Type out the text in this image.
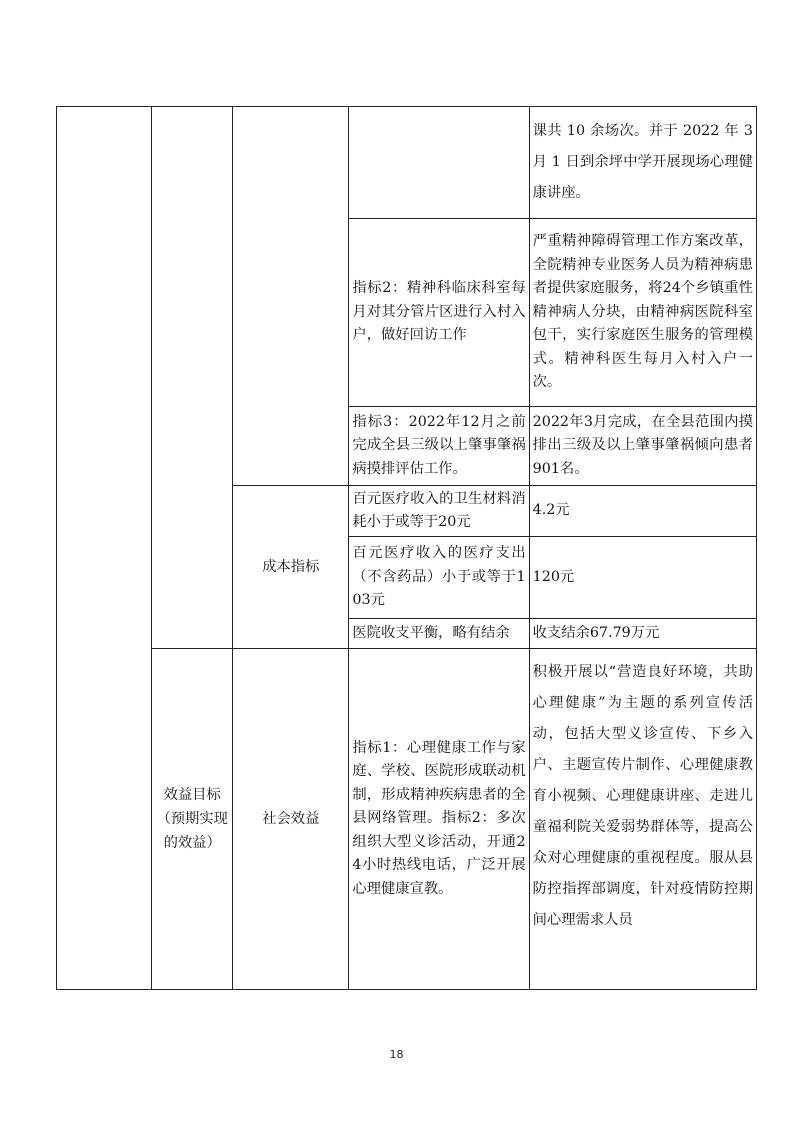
				课共 10 余场次。并于 2022 年 3 月 1 日到余坪中学开展现场心理健康讲座。

			指标2：精神科临床科室每月对其分管片区进行入村入户，做好回访工作	严重精神障碍管理工作方案改革，全院精神专业医务人员为精神病患者提供家庭服务，将24个乡镇重性精神病人分块，由精神病医院科室包干，实行家庭医生服务的管理模式。精神科医生每月入村入户一次。

			指标3：2022年12月之前完成全县三级以上肇事肇祸病摸排评估工作。	2022年3月完成，在全县范围内摸排出三级及以上肇事肇祸倾向患者901名。

		成本指标	百元医疗收入的卫生材料消耗小于或等于20元	4.2元

			百元医疗收入的医疗支出（不含药品）小于或等于103元	120元

			医院收支平衡，略有结余	收支结余67.79万元

	效益目标（预期实现的效益）	社会效益	指标1：心理健康工作与家庭、学校、医院形成联动机制，形成精神疾病患者的全县网络管理。指标2：多次组织大型义诊活动，开通24小时热线电话，广泛开展心理健康宣教。	积极开展以“营造良好环境，共助心理健康”为主题的系列宣传活动，包括大型义诊宣传、下乡入户、主题宣传片制作、心理健康教育小视频、心理健康讲座、走进儿童福利院关爱弱势群体等，提高公众对心理健康的重视程度。服从县防控指挥部调度，针对疫情防控期间心理需求人员
18
